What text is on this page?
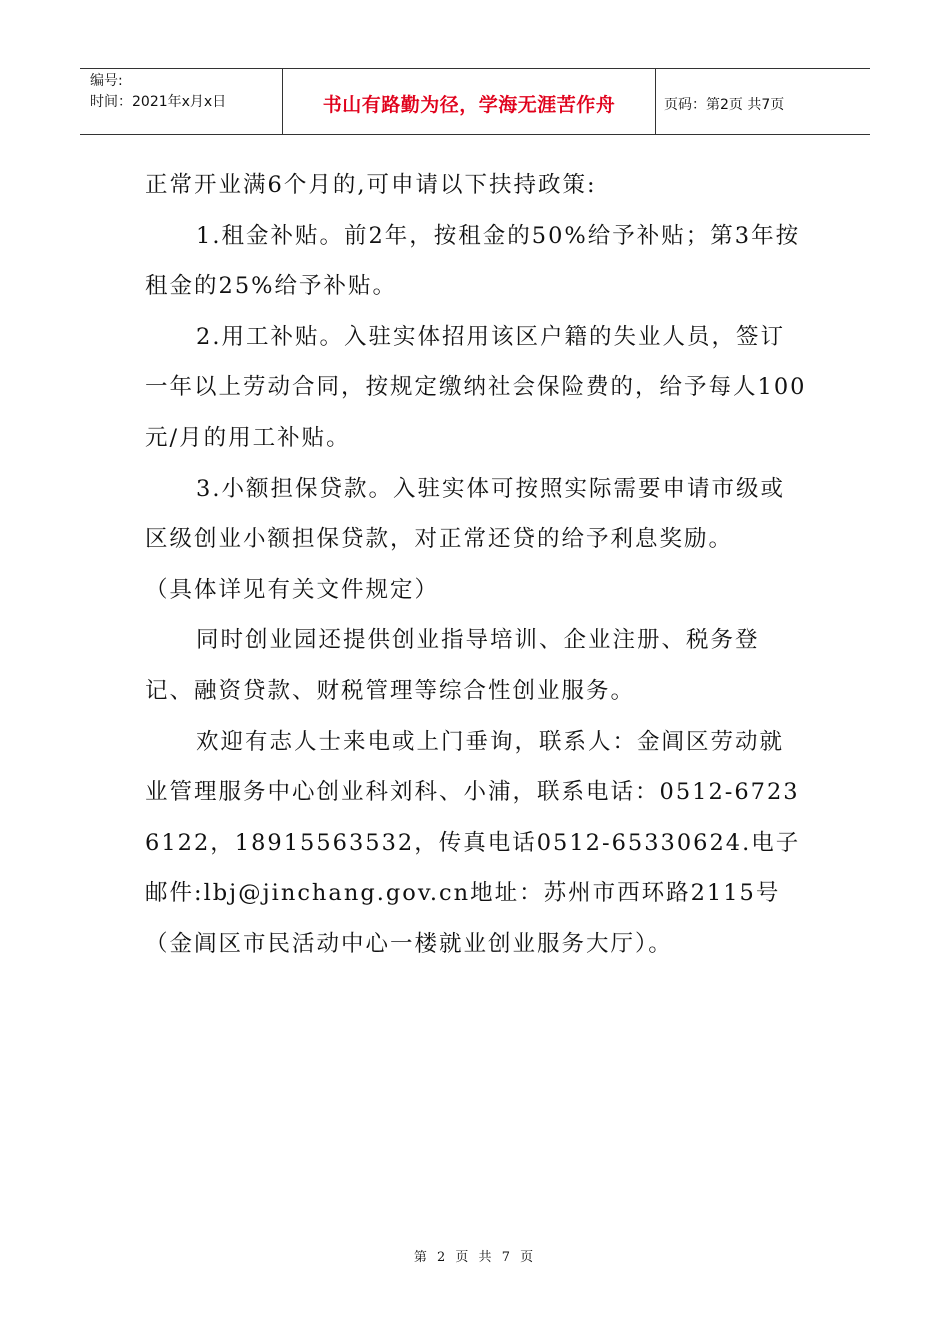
编号:
时间：2021年x月x日	书山有路勤为径，学海无涯苦作舟	页码：第2页 共7页

正常开业满6个月的,可申请以下扶持政策:

1.租金补贴。前2年，按租金的50%给予补贴；第3年按租金的25%给予补贴。

2.用工补贴。入驻实体招用该区户籍的失业人员，签订一年以上劳动合同，按规定缴纳社会保险费的，给予每人100元/月的用工补贴。

3.小额担保贷款。入驻实体可按照实际需要申请市级或区级创业小额担保贷款，对正常还贷的给予利息奖励。

（具体详见有关文件规定）

同时创业园还提供创业指导培训、企业注册、税务登记、融资贷款、财税管理等综合性创业服务。

欢迎有志人士来电或上门垂询，联系人：金阊区劳动就业管理服务中心创业科刘科、小浦，联系电话：0512-67236122，18915563532，传真电话0512-65330624.电子邮件:lbj@jinchang.gov.cn地址：苏州市西环路2115号（金阊区市民活动中心一楼就业创业服务大厅）。

第 2 页 共 7 页
